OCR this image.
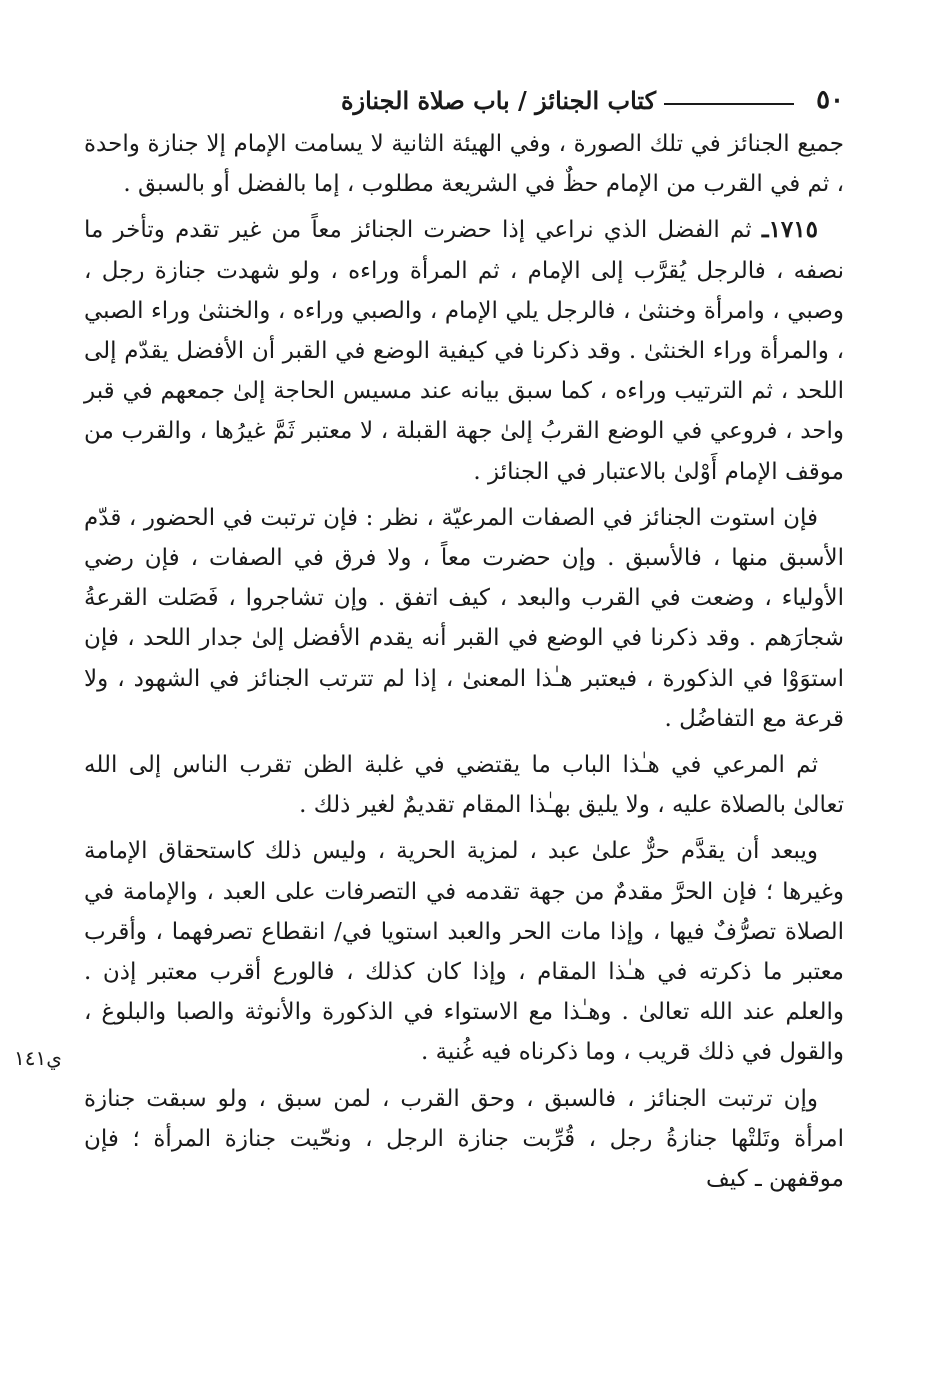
٥٠
كتاب الجنائز / باب صلاة الجنازة

جميع الجنائز في تلك الصورة ، وفي الهيئة الثانية لا يسامت الإمام إلا جنازة واحدة ، ثم في القرب من الإمام حظٌ في الشريعة مطلوب ، إما بالفضل أو بالسبق .

١٧١٥ـ ثم الفضل الذي نراعي إذا حضرت الجنائز معاً من غير تقدم وتأخر ما نصفه ، فالرجل يُقرَّب إلى الإمام ، ثم المرأة وراءه ، ولو شهدت جنازة رجل ، وصبي ، وامرأة وخنثىٰ ، فالرجل يلي الإمام ، والصبي وراءه ، والخنثىٰ وراء الصبي ، والمرأة وراء الخنثىٰ . وقد ذكرنا في كيفية الوضع في القبر أن الأفضل يقدّم إلى اللحد ، ثم الترتيب وراءه ، كما سبق بيانه عند مسيس الحاجة إلىٰ جمعهم في قبر واحد ، فروعي في الوضع القربُ إلىٰ جهة القبلة ، لا معتبر ثَمَّ غيرُها ، والقرب من موقف الإمام أَوْلىٰ بالاعتبار في الجنائز .

فإن استوت الجنائز في الصفات المرعيّة ، نظر : فإن ترتبت في الحضور ، قدّم الأسبق منها ، فالأسبق . وإن حضرت معاً ، ولا فرق في الصفات ، فإن رضي الأولياء ، وضعت في القرب والبعد ، كيف اتفق . وإن تشاجروا ، فَصَلت القرعةُ شجارَهم . وقد ذكرنا في الوضع في القبر أنه يقدم الأفضل إلىٰ جدار اللحد ، فإن استوَوْا في الذكورة ، فيعتبر هـٰذا المعنىٰ ، إذا لم تترتب الجنائز في الشهود ، ولا قرعة مع التفاضُل .

ثم المرعي في هـٰذا الباب ما يقتضي في غلبة الظن تقرب الناس إلى الله تعالىٰ بالصلاة عليه ، ولا يليق بهـٰذا المقام تقديمٌ لغير ذلك .

ويبعد أن يقدَّم حرٌّ علىٰ عبد ، لمزية الحرية ، وليس ذلك كاستحقاق الإمامة وغيرها ؛ فإن الحرَّ مقدمٌ من جهة تقدمه في التصرفات على العبد ، والإمامة في الصلاة تصرُّفٌ فيها ، وإذا مات الحر والعبد استويا في/ انقطاع تصرفهما ، وأقرب معتبر ما ذكرته في هـٰذا المقام ، وإذا كان كذلك ، فالورع أقرب معتبر إذن . والعلم عند الله تعالىٰ . وهـٰذا مع الاستواء في الذكورة والأنوثة والصبا والبلوغ ، والقول في ذلك قريب ، وما ذكرناه فيه غُنية .

وإن ترتبت الجنائز ، فالسبق ، وحق القرب ، لمن سبق ، ولو سبقت جنازة امرأة وتَلتْها جنازةُ رجل ، قُرِّبت جنازة الرجل ، ونحّيت جنازة المرأة ؛ فإن موقفهن ـ كيف

ي١٤١
